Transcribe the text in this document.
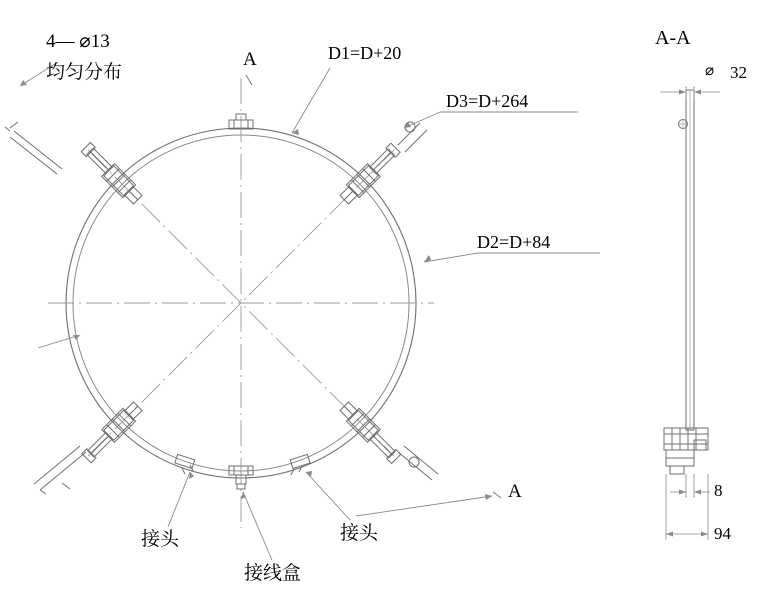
4— ⌀13
均匀分布
A	D1=D+20
D3=D+264
D2=D+84
接头	接头
接线盒
A
A-A
⌀ 32
8
94
